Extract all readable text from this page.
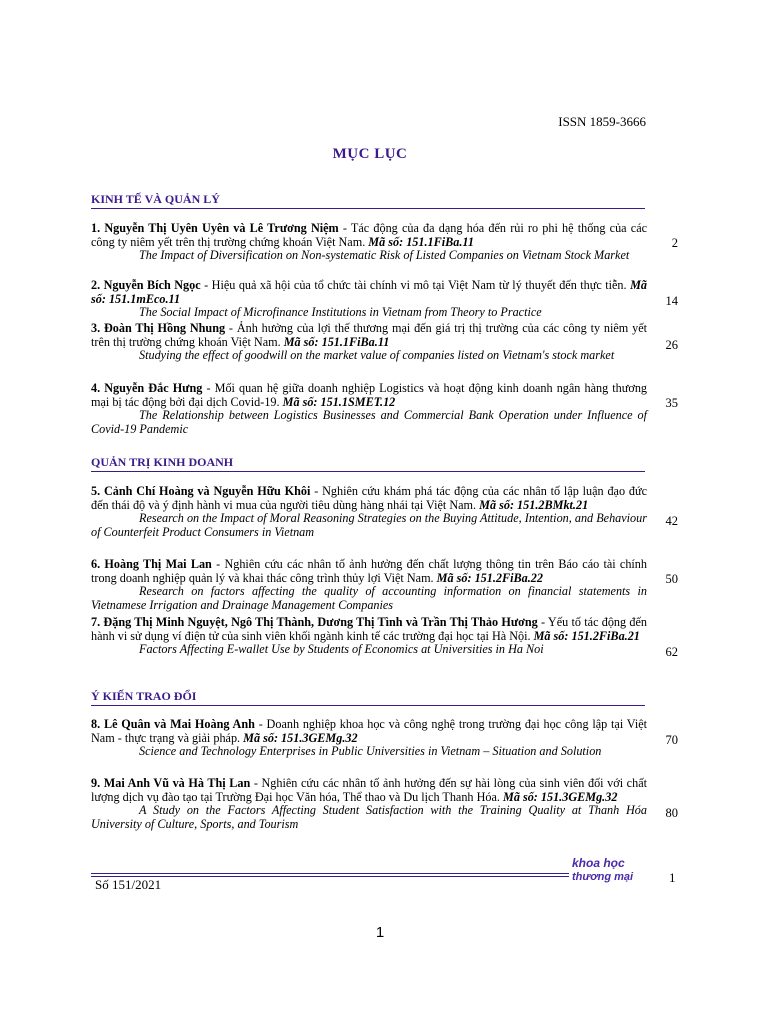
ISSN 1859-3666
MỤC LỤC
KINH TẾ VÀ QUẢN LÝ
1. Nguyễn Thị Uyên Uyên và Lê Trương Niệm - Tác động của đa dạng hóa đến rủi ro phi hệ thống của các công ty niêm yết trên thị trường chứng khoán Việt Nam. Mã số: 151.1FiBa.11
The Impact of Diversification on Non-systematic Risk of Listed Companies on Vietnam Stock Market
2
2. Nguyễn Bích Ngọc - Hiệu quả xã hội của tổ chức tài chính vi mô tại Việt Nam từ lý thuyết đến thực tiễn. Mã số: 151.1mEco.11
The Social Impact of Microfinance Institutions in Vietnam from Theory to Practice
14
3. Đoàn Thị Hồng Nhung - Ảnh hưởng của lợi thế thương mại đến giá trị thị trường của các công ty niêm yết trên thị trường chứng khoán Việt Nam. Mã số: 151.1FiBa.11
Studying the effect of goodwill on the market value of companies listed on Vietnam's stock market
26
4. Nguyễn Đắc Hưng - Mối quan hệ giữa doanh nghiệp Logistics và hoạt động kinh doanh ngân hàng thương mại bị tác động bởi đại dịch Covid-19. Mã số: 151.1SMET.12
The Relationship between Logistics Businesses and Commercial Bank Operation under Influence of Covid-19 Pandemic
35
QUẢN TRỊ KINH DOANH
5. Cảnh Chí Hoàng và Nguyễn Hữu Khôi - Nghiên cứu khám phá tác động của các nhân tố lập luận đạo đức đến thái độ và ý định hành vi mua của người tiêu dùng hàng nhái tại Việt Nam. Mã số: 151.2BMkt.21
Research on the Impact of Moral Reasoning Strategies on the Buying Attitude, Intention, and Behaviour of Counterfeit Product Consumers in Vietnam
42
6. Hoàng Thị Mai Lan - Nghiên cứu các nhân tố ảnh hưởng đến chất lượng thông tin trên Báo cáo tài chính trong doanh nghiệp quản lý và khai thác công trình thủy lợi Việt Nam. Mã số: 151.2FiBa.22
Research on factors affecting the quality of accounting information on financial statements in Vietnamese Irrigation and Drainage Management Companies
50
7. Đặng Thị Minh Nguyệt, Ngô Thị Thành, Dương Thị Tình và Trần Thị Thảo Hương - Yếu tố tác động đến hành vi sử dụng ví điện tử của sinh viên khối ngành kinh tế các trường đại học tại Hà Nội. Mã số: 151.2FiBa.21
Factors Affecting E-wallet Use by Students of Economics at Universities in Ha Noi	62
Ý KIẾN TRAO ĐỔI
8. Lê Quân và Mai Hoàng Anh - Doanh nghiệp khoa học và công nghệ trong trường đại học công lập tại Việt Nam - thực trạng và giải pháp. Mã số: 151.3GEMg.32
Science and Technology Enterprises in Public Universities in Vietnam – Situation and Solution
70
9. Mai Anh Vũ và Hà Thị Lan - Nghiên cứu các nhân tố ảnh hưởng đến sự hài lòng của sinh viên đối với chất lượng dịch vụ đào tạo tại Trường Đại học Văn hóa, Thể thao và Du lịch Thanh Hóa. Mã số: 151.3GEMg.32
A Study on the Factors Affecting Student Satisfaction with the Training Quality at Thanh Hóa University of Culture, Sports, and Tourism
80
Số 151/2021
khoa học
thương mại	1
1
